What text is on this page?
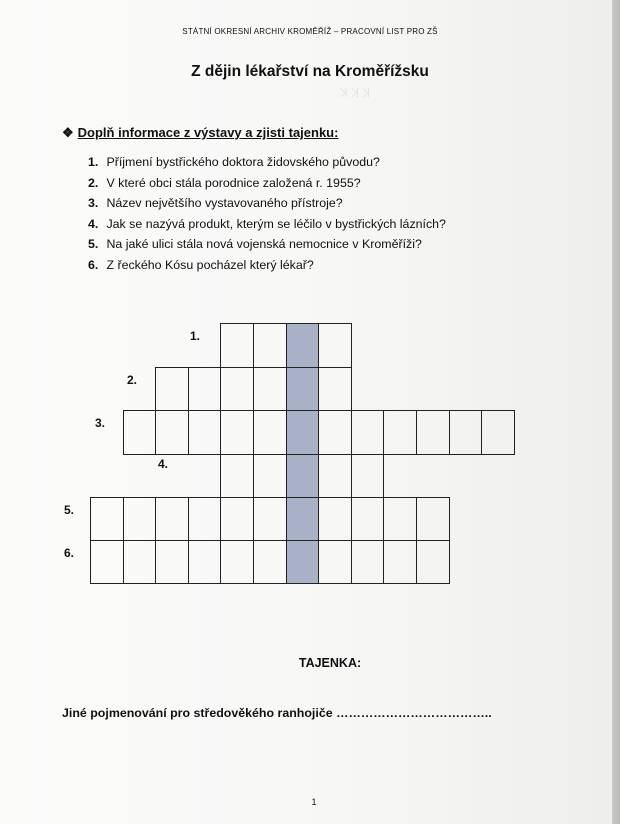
ꓘ ꓘ ꓘ
STÁTNÍ OKRESNÍ ARCHIV KROMĚŘÍŽ – PRACOVNÍ LIST PRO ZŠ
Z dějin lékařství na Kroměřížsku
❖ Doplň informace z výstavy a zjisti tajenku:
1. Příjmení bystřického doktora židovského původu?
2. V které obci stála porodnice založená r. 1955?
3. Název největšího vystavovaného přístroje?
4. Jak se nazývá produkt, kterým se léčilo v bystřických lázních?
5. Na jaké ulici stála nová vojenská nemocnice v Kroměříži?
6. Z řeckého Kósu pocházel který lékař?
1.
2.
3.
4.
5.
6.
TAJENKA:
Jiné pojmenování pro středověkého ranhojiče ………………………………..
1
